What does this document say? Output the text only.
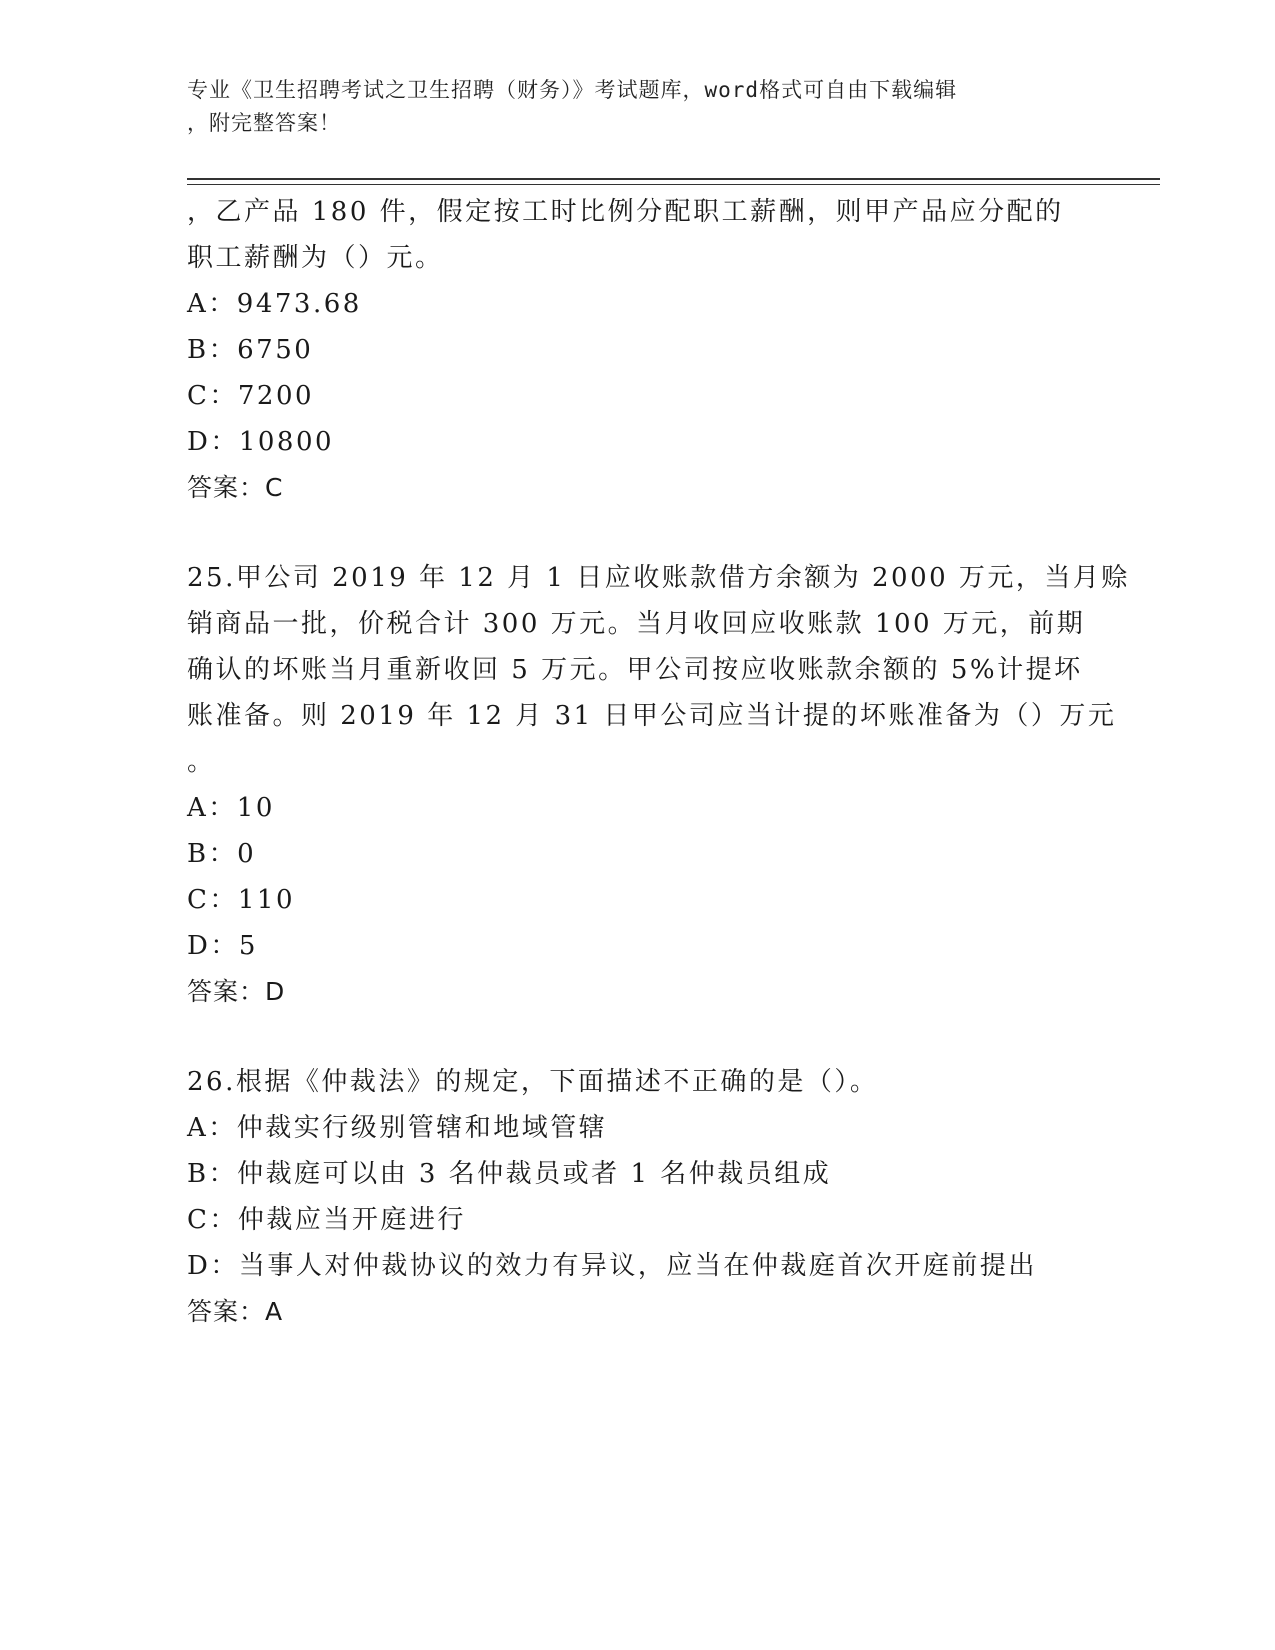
专业《卫生招聘考试之卫生招聘（财务）》考试题库，word格式可自由下载编辑
，附完整答案！
，乙产品 180 件，假定按工时比例分配职工薪酬，则甲产品应分配的
职工薪酬为（）元。
A：9473.68
B：6750
C：7200
D：10800
答案：C
25.甲公司 2019 年 12 月 1 日应收账款借方余额为 2000 万元，当月赊
销商品一批，价税合计 300 万元。当月收回应收账款 100 万元，前期
确认的坏账当月重新收回 5 万元。甲公司按应收账款余额的 5%计提坏
账准备。则 2019 年 12 月 31 日甲公司应当计提的坏账准备为（）万元
。
A：10
B：0
C：110
D：5
答案：D
26.根据《仲裁法》的规定，下面描述不正确的是（）。
A：仲裁实行级别管辖和地域管辖
B：仲裁庭可以由 3 名仲裁员或者 1 名仲裁员组成
C：仲裁应当开庭进行
D：当事人对仲裁协议的效力有异议，应当在仲裁庭首次开庭前提出
答案：A
